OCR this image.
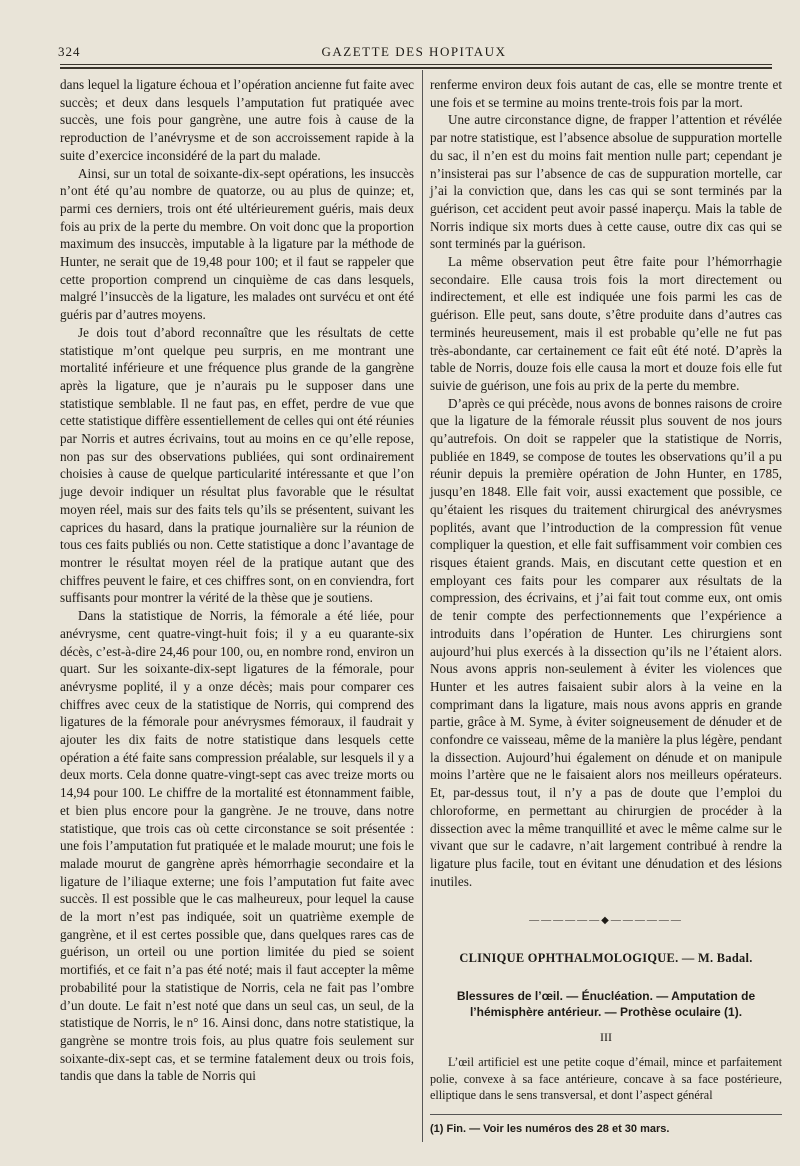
324	GAZETTE DES HOPITAUX

dans lequel la ligature échoua et l’opération ancienne fut faite avec succès; et deux dans lesquels l’amputation fut pratiquée avec succès, une fois pour gangrène, une autre fois à cause de la reproduction de l’anévrysme et de son accroissement rapide à la suite d’exercice inconsidéré de la part du malade.

Ainsi, sur un total de soixante-dix-sept opérations, les insuccès n’ont été qu’au nombre de quatorze, ou au plus de quinze; et, parmi ces derniers, trois ont été ultérieurement guéris, mais deux fois au prix de la perte du membre. On voit donc que la proportion maximum des insuccès, imputable à la ligature par la méthode de Hunter, ne serait que de 19,48 pour 100; et il faut se rappeler que cette proportion comprend un cinquième de cas dans lesquels, malgré l’insuccès de la ligature, les malades ont survécu et ont été guéris par d’autres moyens.

Je dois tout d’abord reconnaître que les résultats de cette statistique m’ont quelque peu surpris, en me montrant une mortalité inférieure et une fréquence plus grande de la gangrène après la ligature, que je n’aurais pu le supposer dans une statistique semblable. Il ne faut pas, en effet, perdre de vue que cette statistique diffère essentiellement de celles qui ont été réunies par Norris et autres écrivains, tout au moins en ce qu’elle repose, non pas sur des observations publiées, qui sont ordinairement choisies à cause de quelque particularité intéressante et que l’on juge devoir indiquer un résultat plus favorable que le résultat moyen réel, mais sur des faits tels qu’ils se présentent, suivant les caprices du hasard, dans la pratique journalière sur la réunion de tous ces faits publiés ou non. Cette statistique a donc l’avantage de montrer le résultat moyen réel de la pratique autant que des chiffres peuvent le faire, et ces chiffres sont, on en conviendra, fort suffisants pour montrer la vérité de la thèse que je soutiens.

Dans la statistique de Norris, la fémorale a été liée, pour anévrysme, cent quatre-vingt-huit fois; il y a eu quarante-six décès, c’est-à-dire 24,46 pour 100, ou, en nombre rond, environ un quart. Sur les soixante-dix-sept ligatures de la fémorale, pour anévrysme poplité, il y a onze décès; mais pour comparer ces chiffres avec ceux de la statistique de Norris, qui comprend des ligatures de la fémorale pour anévrysmes fémoraux, il faudrait y ajouter les dix faits de notre statistique dans lesquels cette opération a été faite sans compression préalable, sur lesquels il y a deux morts. Cela donne quatre-vingt-sept cas avec treize morts ou 14,94 pour 100. Le chiffre de la mortalité est étonnamment faible, et bien plus encore pour la gangrène. Je ne trouve, dans notre statistique, que trois cas où cette circonstance se soit présentée : une fois l’amputation fut pratiquée et le malade mourut; une fois le malade mourut de gangrène après hémorrhagie secondaire et la ligature de l’iliaque externe; une fois l’amputation fut faite avec succès. Il est possible que le cas malheureux, pour lequel la cause de la mort n’est pas indiquée, soit un quatrième exemple de gangrène, et il est certes possible que, dans quelques rares cas de guérison, un orteil ou une portion limitée du pied se soient mortifiés, et ce fait n’a pas été noté; mais il faut accepter la même probabilité pour la statistique de Norris, cela ne fait pas l’ombre d’un doute. Le fait n’est noté que dans un seul cas, un seul, de la statistique de Norris, le n° 16. Ainsi donc, dans notre statistique, la gangrène se montre trois fois, au plus quatre fois seulement sur soixante-dix-sept cas, et se termine fatalement deux ou trois fois, tandis que dans la table de Norris qui

renferme environ deux fois autant de cas, elle se montre trente et une fois et se termine au moins trente-trois fois par la mort.

Une autre circonstance digne, de frapper l’attention et révélée par notre statistique, est l’absence absolue de suppuration mortelle du sac, il n’en est du moins fait mention nulle part; cependant je n’insisterai pas sur l’absence de cas de suppuration mortelle, car j’ai la conviction que, dans les cas qui se sont terminés par la guérison, cet accident peut avoir passé inaperçu. Mais la table de Norris indique six morts dues à cette cause, outre dix cas qui se sont terminés par la guérison.

La même observation peut être faite pour l’hémorrhagie secondaire. Elle causa trois fois la mort directement ou indirectement, et elle est indiquée une fois parmi les cas de guérison. Elle peut, sans doute, s’être produite dans d’autres cas terminés heureusement, mais il est probable qu’elle ne fut pas très-abondante, car certainement ce fait eût été noté. D’après la table de Norris, douze fois elle causa la mort et douze fois elle fut suivie de guérison, une fois au prix de la perte du membre.

D’après ce qui précède, nous avons de bonnes raisons de croire que la ligature de la fémorale réussit plus souvent de nos jours qu’autrefois. On doit se rappeler que la statistique de Norris, publiée en 1849, se compose de toutes les observations qu’il a pu réunir depuis la première opération de John Hunter, en 1785, jusqu’en 1848. Elle fait voir, aussi exactement que possible, ce qu’étaient les risques du traitement chirurgical des anévrysmes poplités, avant que l’introduction de la compression fût venue compliquer la question, et elle fait suffisamment voir combien ces risques étaient grands. Mais, en discutant cette question et en employant ces faits pour les comparer aux résultats de la compression, des écrivains, et j’ai fait tout comme eux, ont omis de tenir compte des perfectionnements que l’expérience a introduits dans l’opération de Hunter. Les chirurgiens sont aujourd’hui plus exercés à la dissection qu’ils ne l’étaient alors. Nous avons appris non-seulement à éviter les violences que Hunter et les autres faisaient subir alors à la veine en la comprimant dans la ligature, mais nous avons appris en grande partie, grâce à M. Syme, à éviter soigneusement de dénuder et de confondre ce vaisseau, même de la manière la plus légère, pendant la dissection. Aujourd’hui également on dénude et on manipule moins l’artère que ne le faisaient alors nos meilleurs opérateurs. Et, par-dessus tout, il n’y a pas de doute que l’emploi du chloroforme, en permettant au chirurgien de procéder à la dissection avec la même tranquillité et avec le même calme sur le vivant que sur le cadavre, n’ait largement contribué à rendre la ligature plus facile, tout en évitant une dénudation et des lésions inutiles.

——————◆——————
CLINIQUE OPHTHALMOLOGIQUE. — M. Badal.
Blessures de l’œil. — Énucléation. — Amputation de l’hémisphère antérieur. — Prothèse oculaire (1).
III

L’œil artificiel est une petite coque d’émail, mince et parfaitement polie, convexe à sa face antérieure, concave à sa face postérieure, elliptique dans le sens transversal, et dont l’aspect général

(1) Fin. — Voir les numéros des 28 et 30 mars.
